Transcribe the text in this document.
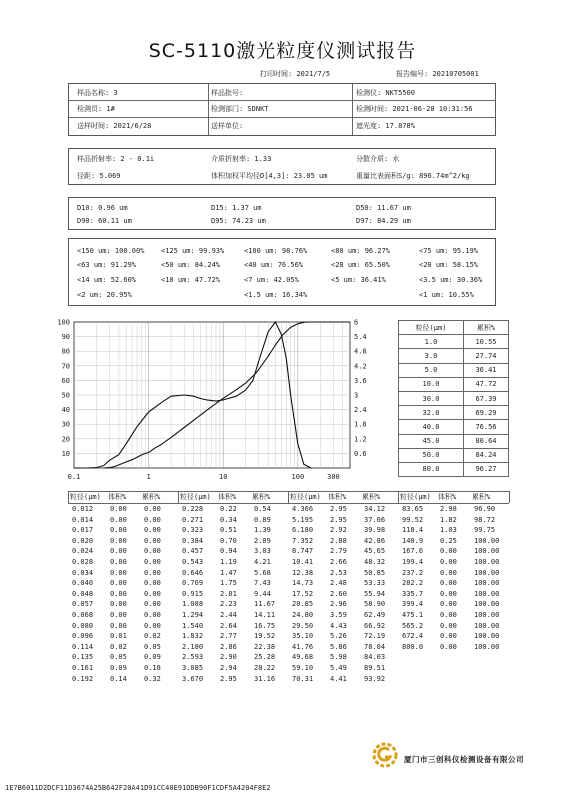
SC-5110激光粒度仪测试报告
打印时间: 2021/7/5	报告编号: 20210705001
样品名称: 3	样品批号:	检测仪: NKT5500
检测员: 1#	检测部门: SDNKT	检测时间: 2021-06-28 10:31:56
送样时间: 2021/6/28	送样单位:	遮光度: 17.878%
样品折射率: 2 - 0.1i	介质折射率: 1.33	分散介质: 水
径距: 5.069	体积加权平均径D[4,3]: 23.05 um	重量比表面积S/g: 896.74m^2/kg
D10: 0.96 um	D15: 1.37 um	D50: 11.67 um
D90: 60.11 um	D95: 74.23 um	D97: 84.29 um
<150 um: 100.00% <125 um: 99.93%	<100 um: 98.76%	<80 um: 96.27%	<75 um: 95.19%
<63 um: 91.29%	<50 um: 84.24%	<40 um: 76.56%	<28 um: 65.50%	<20 um: 58.15%
<14 um: 52.60%	<10 um: 47.72%	<7 um: 42.05%	<5 um: 36.41%	<3.5 um: 30.36%
<2 um: 20.95%	<1.5 um: 16.34%	<1 um: 10.55%
100
90
80
70
60
50
40
30
20
10
6
5.4
4.8
4.2
3.6
3
2.4
1.8
1.2
0.6
0.1	1	10	100	300
粒径(μm)	累积%
1.0	10.55
3.0	27.74
5.0	36.41
10.0	47.72
30.0	67.39
32.0	69.29
40.0	76.56
45.0	80.64
50.0	84.24
80.0	96.27
粒径(μm) 体积% 累积%
0.012 0.00 0.00
0.014 0.00 0.00
0.017 0.00 0.00
0.020 0.00 0.00
0.024 0.00 0.00
0.028 0.00 0.00
0.034 0.00 0.00
0.040 0.00 0.00
0.048 0.00 0.00
0.057 0.00 0.00
0.068 0.00 0.00
0.080 0.00 0.00
0.096 0.01 0.02
0.114 0.02 0.05
0.135 0.05 0.09
0.161 0.09 0.18
0.192 0.14 0.32
粒径(μm) 体积% 累积%
0.228 0.22 0.54
0.271 0.34 0.89
0.323 0.51 1.39
0.384 0.70 2.09
0.457 0.94 3.03
0.543 1.19 4.21
0.646 1.47 5.68
0.769 1.75 7.43
0.915 2.01 9.44
1.088 2.23 11.67
1.294 2.44 14.11
1.540 2.64 16.75
1.832 2.77 19.52
2.180 2.86 22.38
2.593 2.90 25.28
3.085 2.94 28.22
3.670 2.95 31.16
粒径(μm) 体积% 累积%
4.366 2.95 34.12
5.195 2.95 37.06
6.180 2.92 39.98
7.352 2.88 42.86
8.747 2.79 45.65
10.41 2.66 48.32
12.38 2.53 50.85
14.73 2.48 53.33
17.52 2.60 55.94
20.85 2.96 58.90
24.80 3.59 62.49
29.50 4.43 66.92
35.10 5.26 72.19
41.76 5.86 78.04
49.68 5.98 84.03
59.10 5.49 89.51
70.31 4.41 93.92
粒径(μm) 体积% 累积%
83.65 2.98 96.90
99.52 1.82 98.72
118.4 1.03 99.75
140.9 0.25 100.00
167.6 0.00 100.00
199.4 0.00 100.00
237.2 0.00 100.00
282.2 0.00 100.00
335.7 0.00 100.00
399.4 0.00 100.00
475.1 0.00 100.00
565.2 0.00 100.00
672.4 0.00 100.00
800.0 0.00 100.00
厦门市三创科仪检测设备有限公司
1E7B6011D2DCF11D3674A25B642F20A41D91CC40E91DDB90F1CDF5A4204F8E2
